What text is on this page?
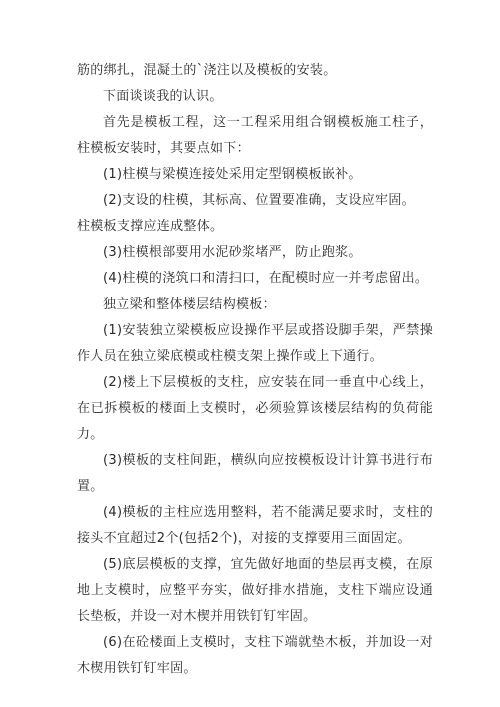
筋的绑扎，混凝土的`浇注以及模板的安装。

下面谈谈我的认识。

首先是模板工程，这一工程采用组合钢模板施工柱子，柱模板安装时，其要点如下：

(1)柱模与梁模连接处采用定型钢模板嵌补。

(2)支设的柱模，其标高、位置要准确，支设应牢固。

柱模板支撑应连成整体。

(3)柱模根部要用水泥砂浆堵严，防止跑浆。

(4)柱模的浇筑口和清扫口，在配模时应一并考虑留出。

独立梁和整体楼层结构模板：

(1)安装独立梁模板应设操作平层或搭设脚手架，严禁操作人员在独立梁底模或柱模支架上操作或上下通行。

(2)楼上下层模板的支柱，应安装在同一垂直中心线上，在已拆模板的楼面上支模时，必须验算该楼层结构的负荷能力。

(3)模板的支柱间距，横纵向应按模板设计计算书进行布置。

(4)模板的主柱应选用整料，若不能满足要求时，支柱的接头不宜超过2个(包括2个)，对接的支撑要用三面固定。

(5)底层模板的支撑，宜先做好地面的垫层再支模，在原地上支模时，应整平夯实，做好排水措施，支柱下端应设通长垫板，并设一对木楔并用铁钉钉牢固。

(6)在砼楼面上支模时，支柱下端就垫木板，并加设一对木楔用铁钉钉牢固。
